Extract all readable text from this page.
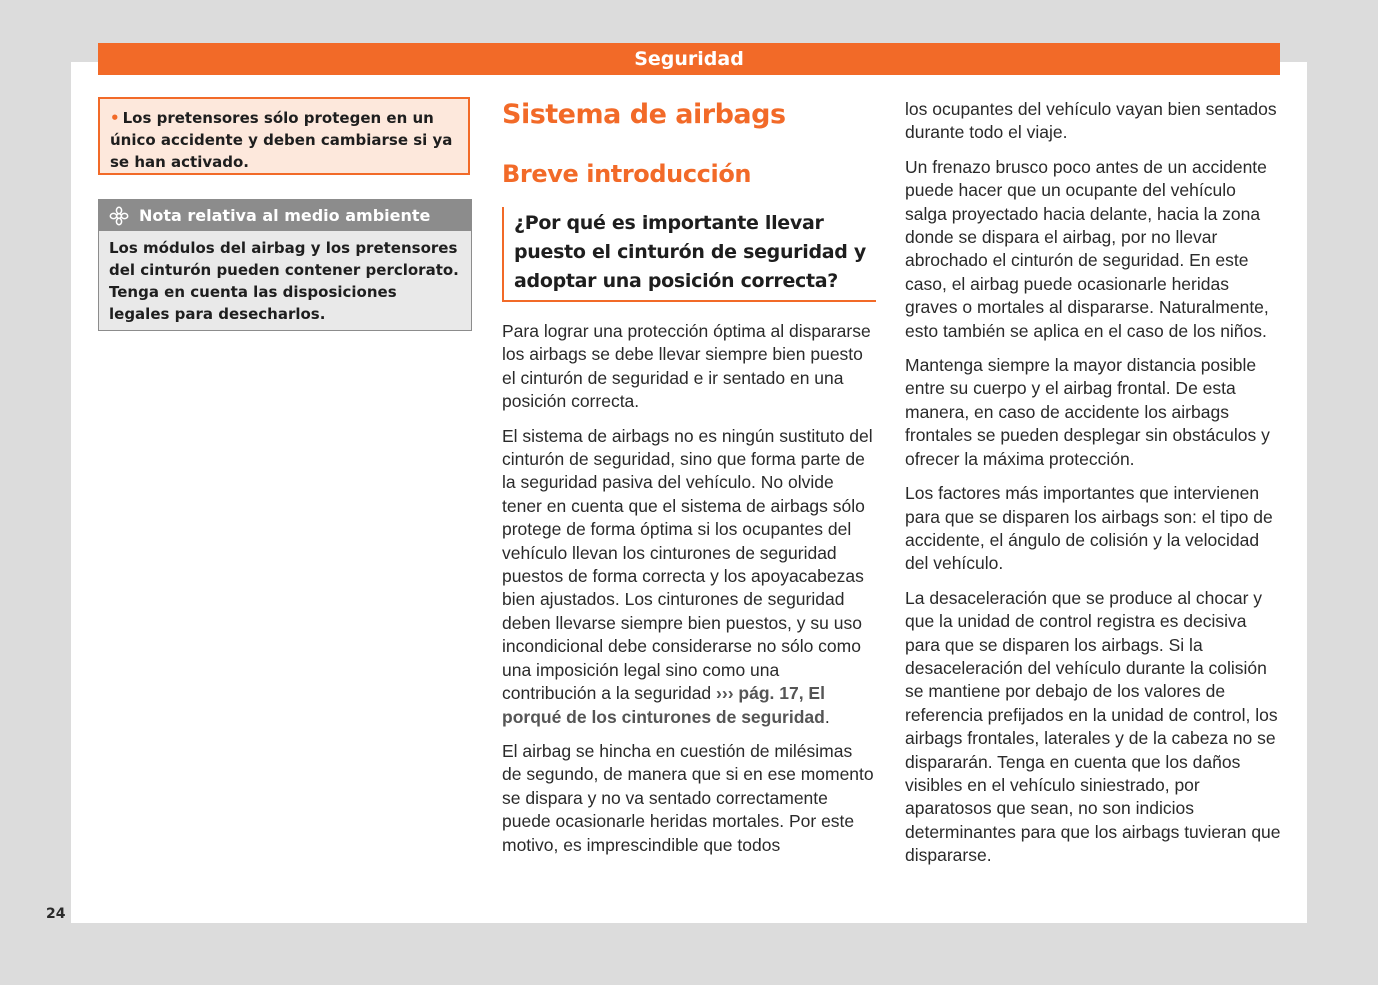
Seguridad
• Los pretensores sólo protegen en un único accidente y deben cambiarse si ya se han activado.
Nota relativa al medio ambiente
Los módulos del airbag y los pretensores del cinturón pueden contener perclorato. Tenga en cuenta las disposiciones legales para desecharlos.
Sistema de airbags
Breve introducción
¿Por qué es importante llevar puesto el cinturón de seguridad y adoptar una posición correcta?

Para lograr una protección óptima al dispararse los airbags se debe llevar siempre bien puesto el cinturón de seguridad e ir sentado en una posición correcta.

El sistema de airbags no es ningún sustituto del cinturón de seguridad, sino que forma parte de la seguridad pasiva del vehículo. No olvide tener en cuenta que el sistema de airbags sólo protege de forma óptima si los ocupantes del vehículo llevan los cinturones de seguridad puestos de forma correcta y los apoyacabezas bien ajustados. Los cinturones de seguridad deben llevarse siempre bien puestos, y su uso incondicional debe considerarse no sólo como una imposición legal sino como una contribución a la seguridad ››› pág. 17, El porqué de los cinturones de seguridad.

El airbag se hincha en cuestión de milésimas de segundo, de manera que si en ese momento se dispara y no va sentado correctamente puede ocasionarle heridas mortales. Por este motivo, es imprescindible que todos

los ocupantes del vehículo vayan bien sentados durante todo el viaje.

Un frenazo brusco poco antes de un accidente puede hacer que un ocupante del vehículo salga proyectado hacia delante, hacia la zona donde se dispara el airbag, por no llevar abrochado el cinturón de seguridad. En este caso, el airbag puede ocasionarle heridas graves o mortales al dispararse. Naturalmente, esto también se aplica en el caso de los niños.

Mantenga siempre la mayor distancia posible entre su cuerpo y el airbag frontal. De esta manera, en caso de accidente los airbags frontales se pueden desplegar sin obstáculos y ofrecer la máxima protección.

Los factores más importantes que intervienen para que se disparen los airbags son: el tipo de accidente, el ángulo de colisión y la velocidad del vehículo.

La desaceleración que se produce al chocar y que la unidad de control registra es decisiva para que se disparen los airbags. Si la desaceleración del vehículo durante la colisión se mantiene por debajo de los valores de referencia prefijados en la unidad de control, los airbags frontales, laterales y de la cabeza no se dispararán. Tenga en cuenta que los daños visibles en el vehículo siniestrado, por aparatosos que sean, no son indicios determinantes para que los airbags tuvieran que dispararse.

24
